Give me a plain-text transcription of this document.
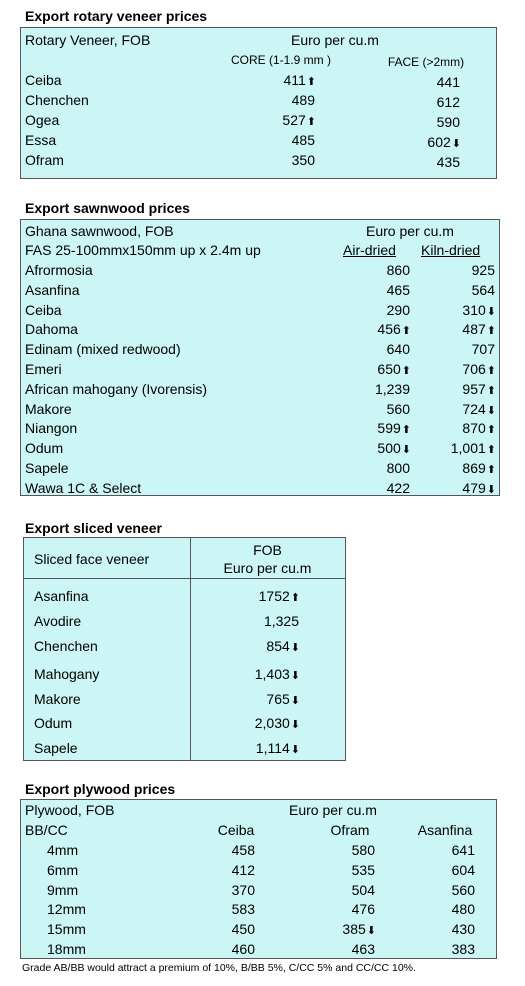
Export rotary veneer prices
Rotary Veneer, FOB	Euro per cu.m
CORE (1-1.9 mm )	FACE (>2mm)
Ceiba	411⬆	441
Chenchen	489	612
Ogea	527⬆	590
Essa	485	602⬇
Ofram	350	435
Export sawnwood prices
Ghana sawnwood, FOB	Euro per cu.m
FAS 25-100mmx150mm up x 2.4m up	Air-dried Kiln-dried
Afrormosia	860	925
Asanfina	465	564
Ceiba	290	310⬇
Dahoma	456⬆	487⬆
Edinam (mixed redwood)	640	707
Emeri	650⬆	706⬆
African mahogany (Ivorensis)	1,239	957⬆
Makore	560	724⬇
Niangon	599⬆	870⬆
Odum	500⬇	1,001⬆
Sapele	800	869⬆
Wawa 1C & Select	422	479⬇
Export sliced veneer
Sliced face veneer
FOB
Euro per cu.m
Asanfina	1752⬆
Avodire	1,325
Chenchen	854⬇
Mahogany	1,403⬇
Makore	765⬇
Odum	2,030⬇
Sapele	1,114⬇
Export plywood prices
Plywood, FOB	Euro per cu.m
BB/CC	Ceiba	Ofram	Asanfina
4mm	458	580	641
6mm	412	535	604
9mm	370	504	560
12mm	583	476	480
15mm	450	385⬇	430
18mm	460	463	383
Grade AB/BB would attract a premium of 10%, B/BB 5%, C/CC 5% and CC/CC 10%.
